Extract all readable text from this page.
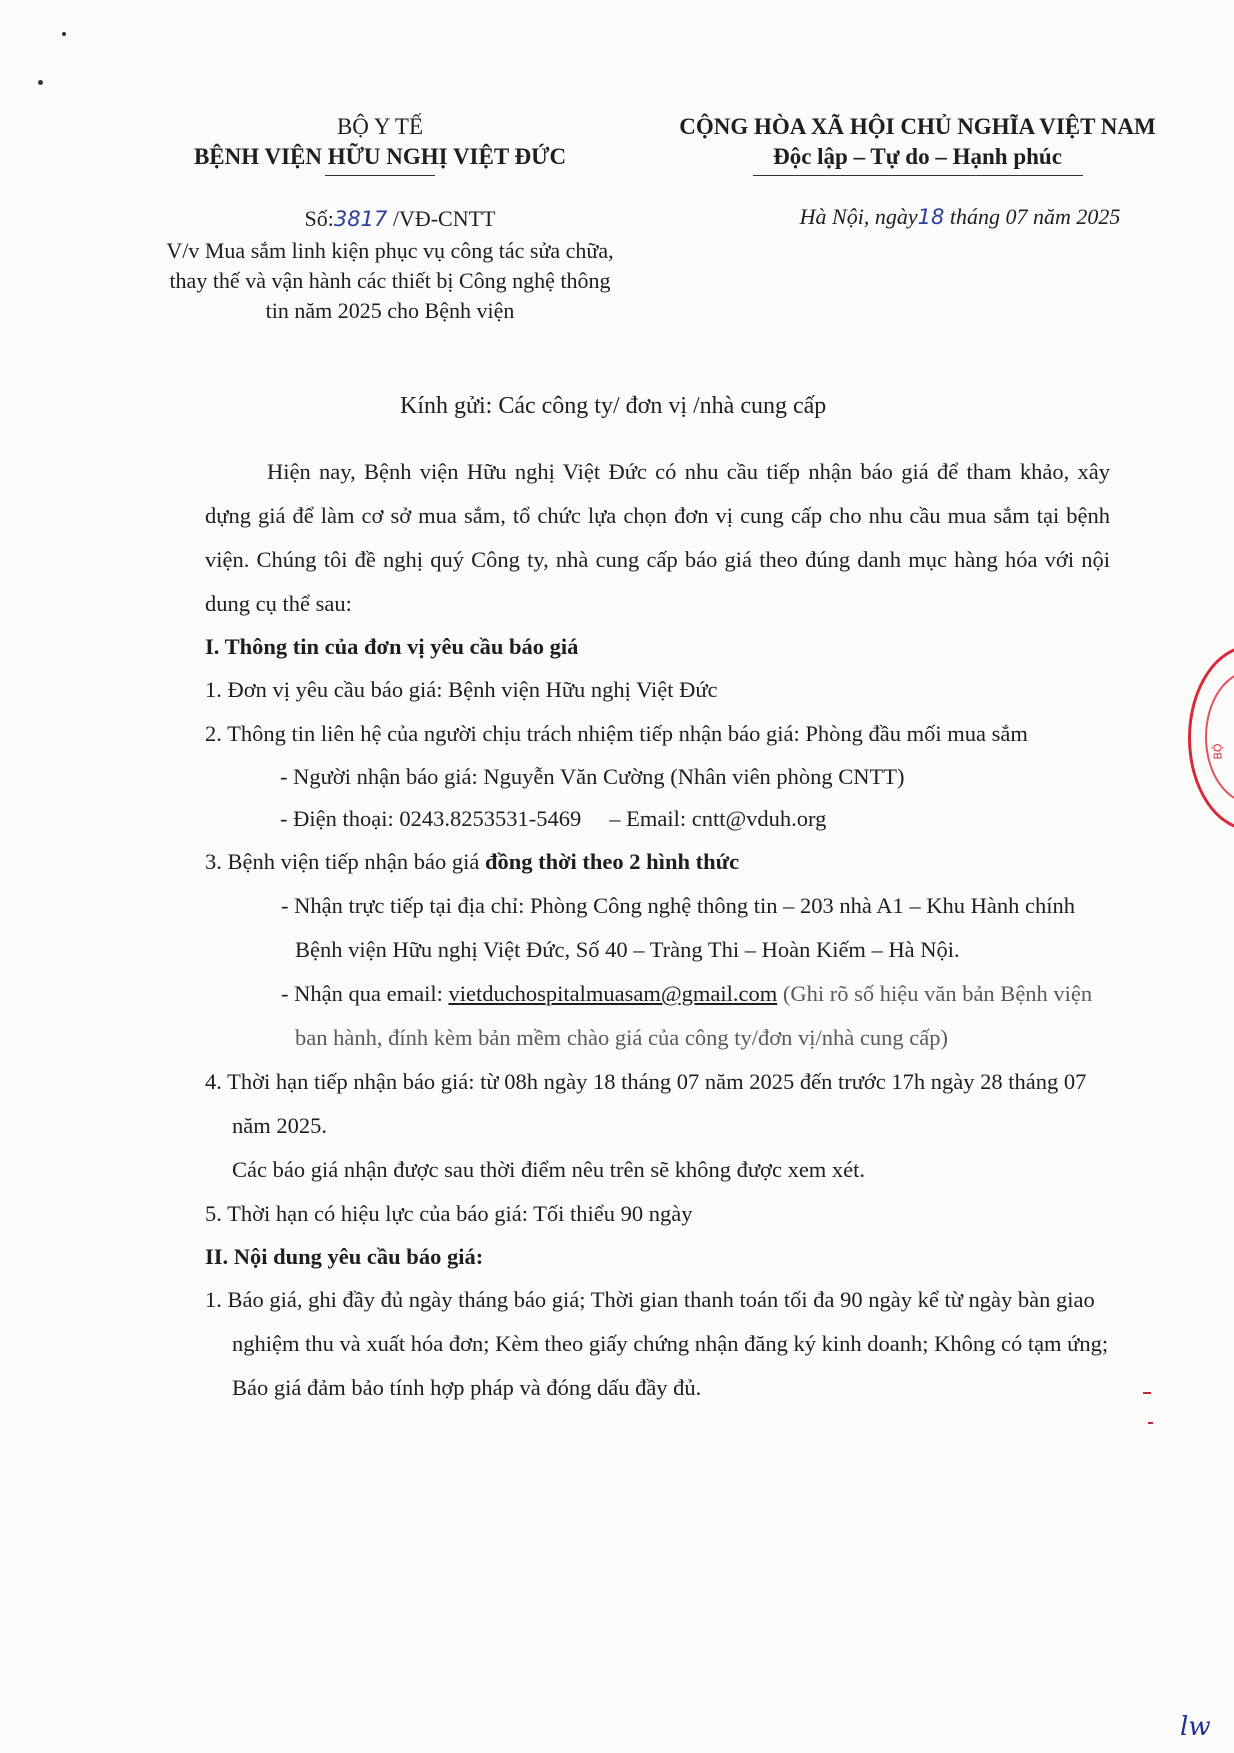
BỘ Y TẾ
BỆNH VIỆN HỮU NGHỊ VIỆT ĐỨC
CỘNG HÒA XÃ HỘI CHỦ NGHĨA VIỆT NAM
Độc lập – Tự do – Hạnh phúc
Số:3817 /VĐ-CNTT	Hà Nội, ngày18 tháng 07 năm 2025
V/v Mua sắm linh kiện phục vụ công tác sửa chữa,
thay thế và vận hành các thiết bị Công nghệ thông
tin năm 2025 cho Bệnh viện
Kính gửi: Các công ty/ đơn vị /nhà cung cấp

Hiện nay, Bệnh viện Hữu nghị Việt Đức có nhu cầu tiếp nhận báo giá để tham khảo, xây dựng giá để làm cơ sở mua sắm, tổ chức lựa chọn đơn vị cung cấp cho nhu cầu mua sắm tại bệnh viện. Chúng tôi đề nghị quý Công ty, nhà cung cấp báo giá theo đúng danh mục hàng hóa với nội dung cụ thể sau:

I. Thông tin của đơn vị yêu cầu báo giá

1. Đơn vị yêu cầu báo giá: Bệnh viện Hữu nghị Việt Đức

2. Thông tin liên hệ của người chịu trách nhiệm tiếp nhận báo giá: Phòng đầu mối mua sắm

- Người nhận báo giá: Nguyễn Văn Cường (Nhân viên phòng CNTT)

- Điện thoại: 0243.8253531-5469 – Email: cntt@vduh.org

3. Bệnh viện tiếp nhận báo giá đồng thời theo 2 hình thức

- Nhận trực tiếp tại địa chỉ: Phòng Công nghệ thông tin – 203 nhà A1 – Khu Hành chính Bệnh viện Hữu nghị Việt Đức, Số 40 – Tràng Thi – Hoàn Kiếm – Hà Nội.

- Nhận qua email: vietduchospitalmuasam@gmail.com (Ghi rõ số hiệu văn bản Bệnh viện ban hành, đính kèm bản mềm chào giá của công ty/đơn vị/nhà cung cấp)

4. Thời hạn tiếp nhận báo giá: từ 08h ngày 18 tháng 07 năm 2025 đến trước 17h ngày 28 tháng 07 năm 2025.

Các báo giá nhận được sau thời điểm nêu trên sẽ không được xem xét.

5. Thời hạn có hiệu lực của báo giá: Tối thiểu 90 ngày

II. Nội dung yêu cầu báo giá:

1. Báo giá, ghi đầy đủ ngày tháng báo giá; Thời gian thanh toán tối đa 90 ngày kể từ ngày bàn giao nghiệm thu và xuất hóa đơn; Kèm theo giấy chứng nhận đăng ký kinh doanh; Không có tạm ứng; Báo giá đảm bảo tính hợp pháp và đóng dấu đầy đủ.

BỘ
lw
